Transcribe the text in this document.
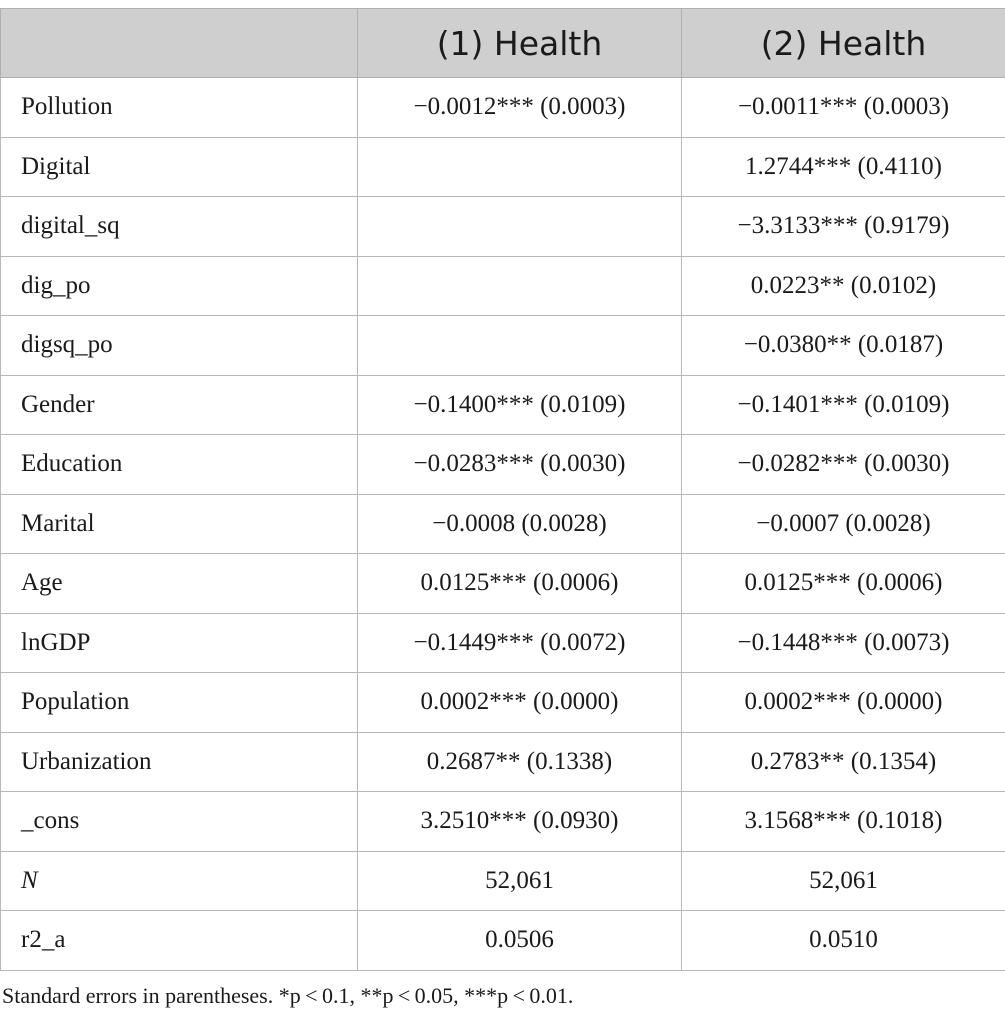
	(1) Health	(2) Health
Pollution	−0.0012*** (0.0003)	−0.0011*** (0.0003)
Digital		1.2744*** (0.4110)
digital_sq		−3.3133*** (0.9179)
dig_po		0.0223** (0.0102)
digsq_po		−0.0380** (0.0187)
Gender	−0.1400*** (0.0109)	−0.1401*** (0.0109)
Education	−0.0283*** (0.0030)	−0.0282*** (0.0030)
Marital	−0.0008 (0.0028)	−0.0007 (0.0028)
Age	0.0125*** (0.0006)	0.0125*** (0.0006)
lnGDP	−0.1449*** (0.0072)	−0.1448*** (0.0073)
Population	0.0002*** (0.0000)	0.0002*** (0.0000)
Urbanization	0.2687** (0.1338)	0.2783** (0.1354)
_cons	3.2510*** (0.0930)	3.1568*** (0.1018)
N	52,061	52,061
r2_a	0.0506	0.0510
Standard errors in parentheses. *p < 0.1, **p < 0.05, ***p < 0.01.
